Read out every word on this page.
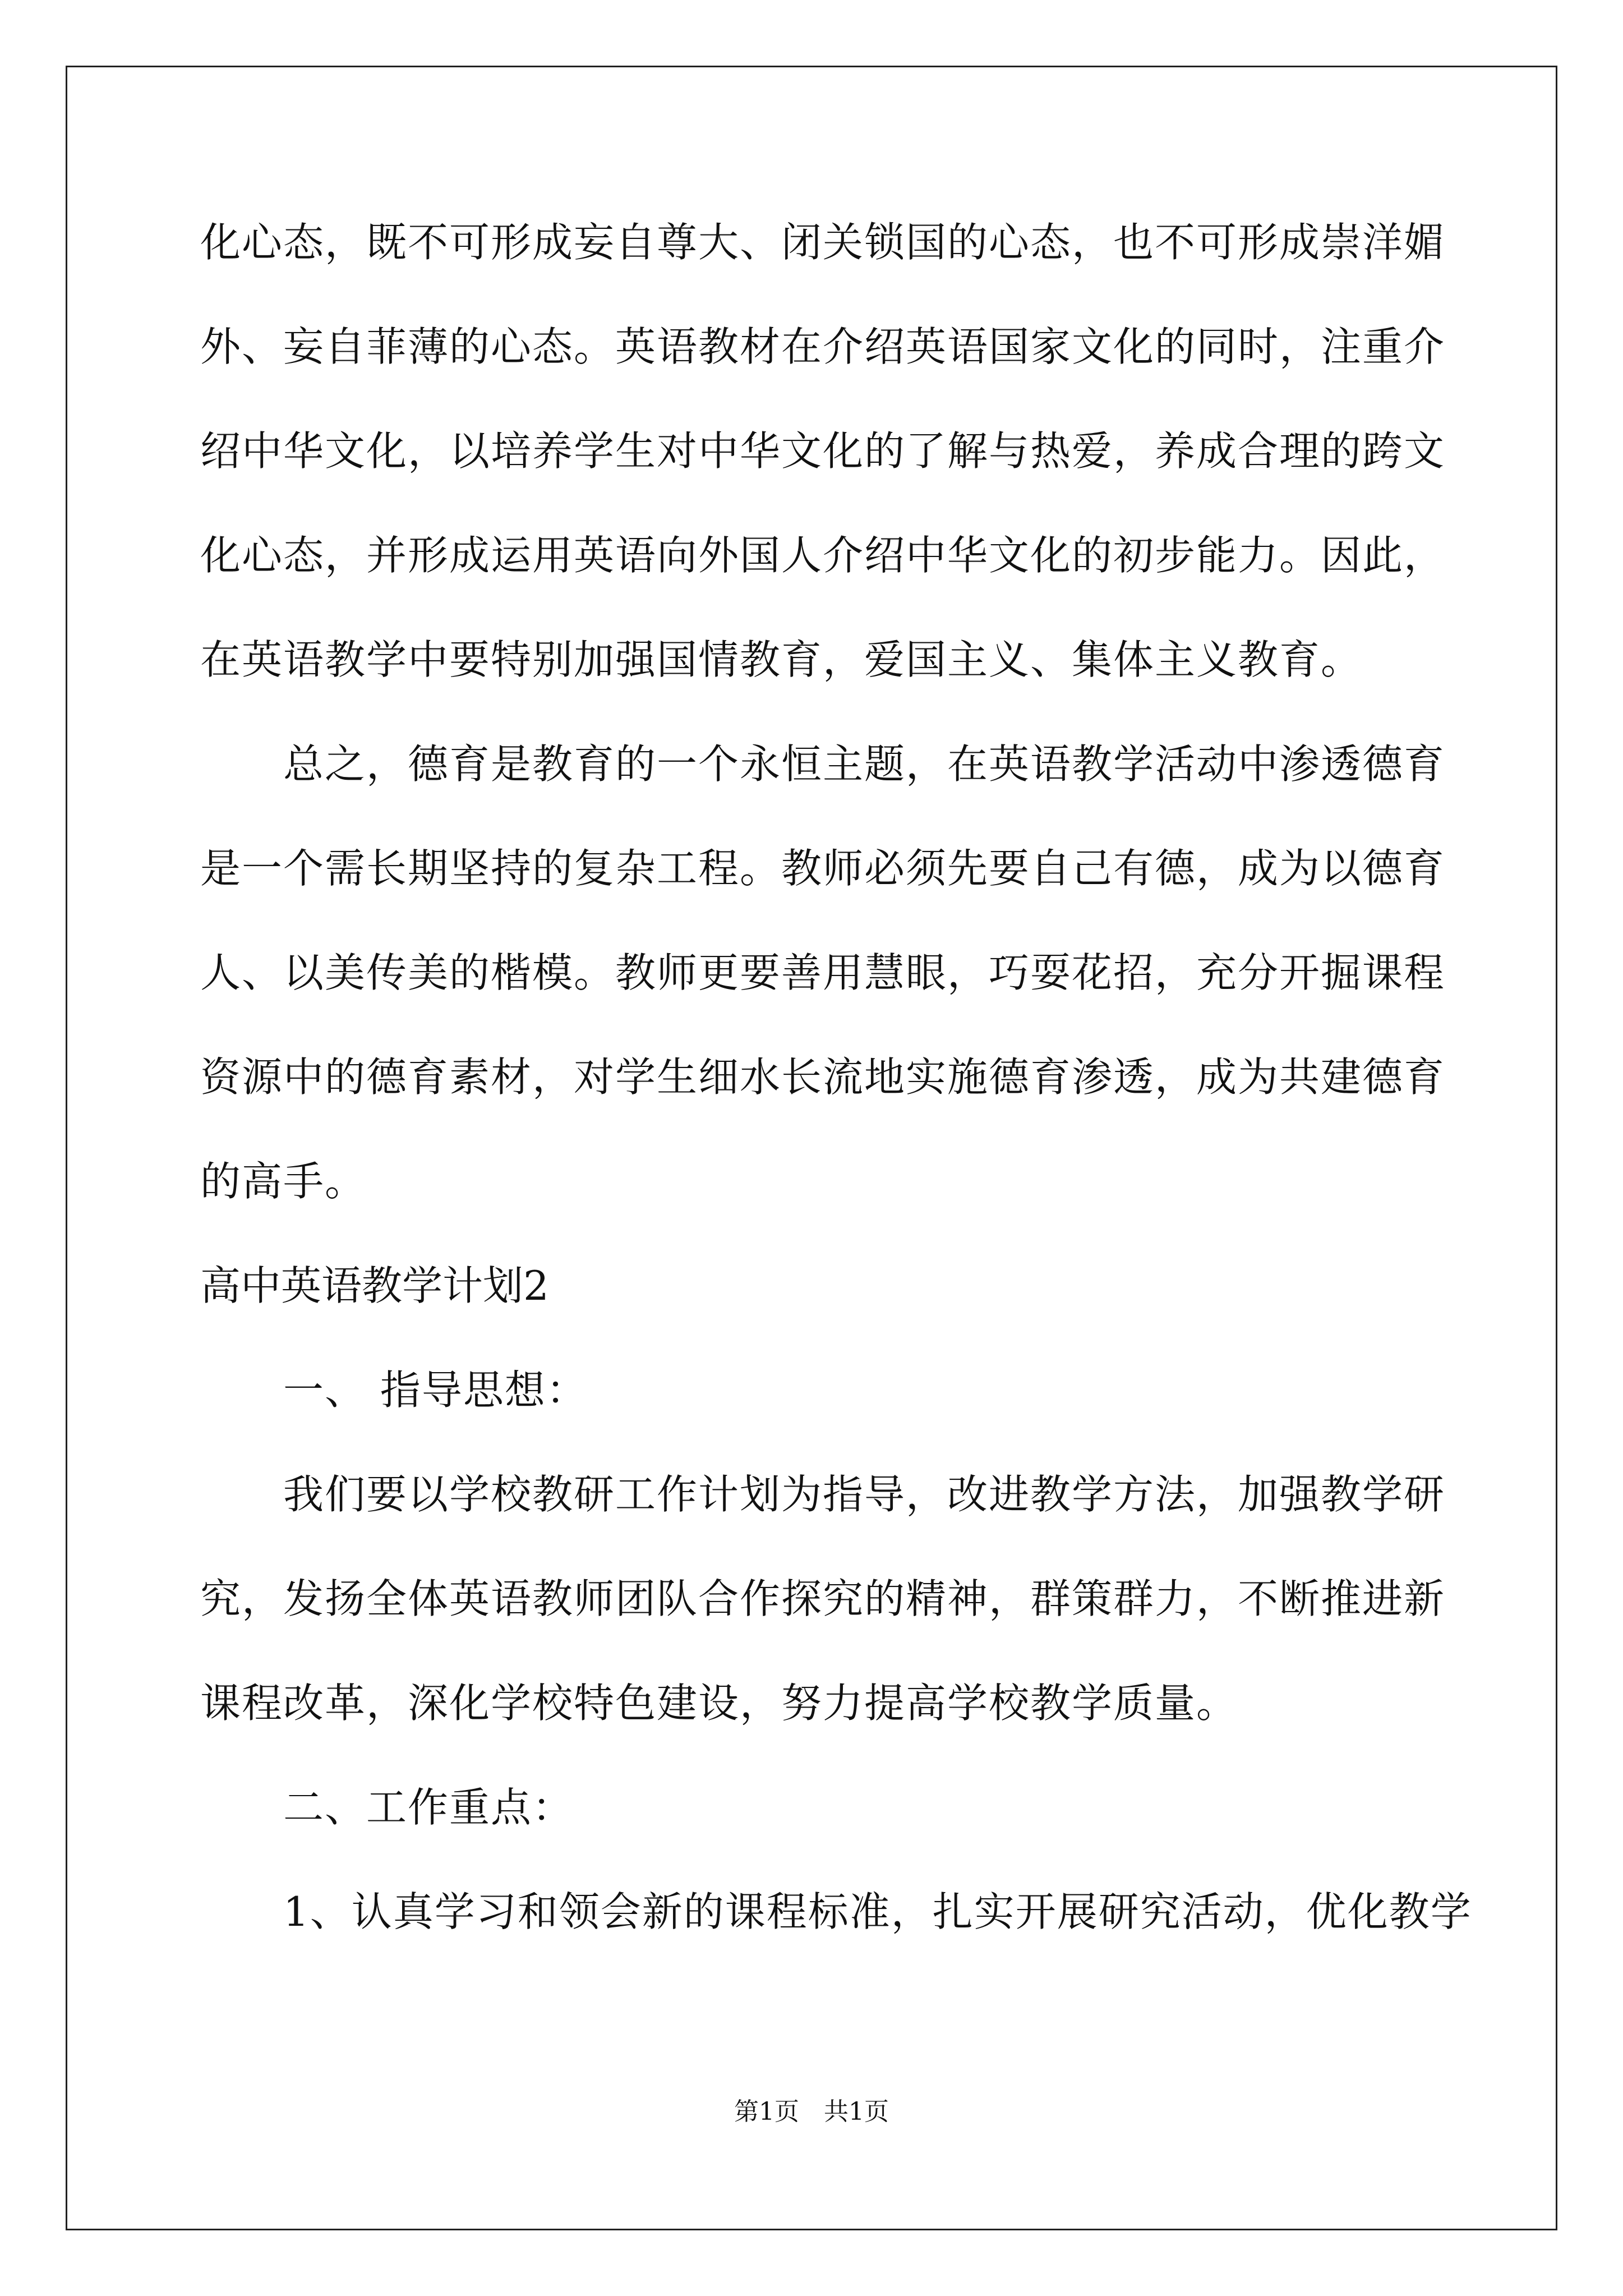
化心态，既不可形成妄自尊大、闭关锁国的心态，也不可形成崇洋媚
外、妄自菲薄的心态。英语教材在介绍英语国家文化的同时，注重介
绍中华文化，以培养学生对中华文化的了解与热爱，养成合理的跨文
化心态，并形成运用英语向外国人介绍中华文化的初步能力。因此，
在英语教学中要特别加强国情教育，爱国主义、集体主义教育。
总之，德育是教育的一个永恒主题，在英语教学活动中渗透德育
是一个需长期坚持的复杂工程。教师必须先要自己有德，成为以德育
人、以美传美的楷模。教师更要善用慧眼，巧耍花招，充分开掘课程
资源中的德育素材，对学生细水长流地实施德育渗透，成为共建德育
的高手。
高中英语教学计划2
一、 指导思想：
我们要以学校教研工作计划为指导，改进教学方法，加强教学研
究，发扬全体英语教师团队合作探究的精神，群策群力，不断推进新
课程改革，深化学校特色建设，努力提高学校教学质量。
二、工作重点：
1、认真学习和领会新的课程标准，扎实开展研究活动，优化教学
第1页　共1页
